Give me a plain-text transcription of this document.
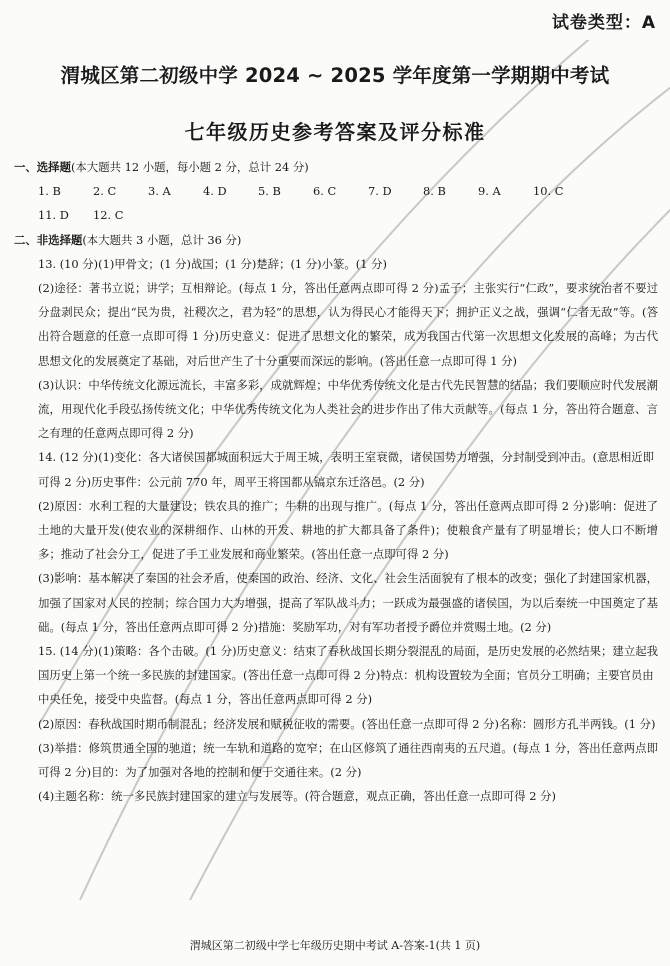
试卷类型：A
渭城区第二初级中学 2024 ~ 2025 学年度第一学期期中考试
七年级历史参考答案及评分标准
一、选择题(本大题共 12 小题，每小题 2 分，总计 24 分)
1. B	2. C	3. A	4. D	5. B	6. C	7. D	8. B	9. A	10. C
11. D 12. C
二、非选择题(本大题共 3 小题，总计 36 分)
13. (10 分)(1)甲骨文；(1 分)战国；(1 分)楚辞；(1 分)小篆。(1 分)
(2)途径：著书立说；讲学；互相辩论。(每点 1 分，答出任意两点即可得 2 分)孟子；主张实行“仁政”，要求统治者不要过分盘剥民众；提出“民为贵，社稷次之，君为轻”的思想，认为得民心才能得天下；拥护正义之战，强调“仁者无敌”等。(答出符合题意的任意一点即可得 1 分)历史意义：促进了思想文化的繁荣，成为我国古代第一次思想文化发展的高峰；为古代思想文化的发展奠定了基础，对后世产生了十分重要而深远的影响。(答出任意一点即可得 1 分)
(3)认识：中华传统文化源远流长，丰富多彩，成就辉煌；中华优秀传统文化是古代先民智慧的结晶；我们要顺应时代发展潮流，用现代化手段弘扬传统文化；中华优秀传统文化为人类社会的进步作出了伟大贡献等。(每点 1 分，答出符合题意、言之有理的任意两点即可得 2 分)
14. (12 分)(1)变化：各大诸侯国都城面积远大于周王城，表明王室衰微，诸侯国势力增强，分封制受到冲击。(意思相近即可得 2 分)历史事件：公元前 770 年，周平王将国都从镐京东迁洛邑。(2 分)
(2)原因：水利工程的大量建设；铁农具的推广；牛耕的出现与推广。(每点 1 分，答出任意两点即可得 2 分)影响：促进了土地的大量开发(使农业的深耕细作、山林的开发、耕地的扩大都具备了条件)；使粮食产量有了明显增长；使人口不断增多；推动了社会分工，促进了手工业发展和商业繁荣。(答出任意一点即可得 2 分)
(3)影响：基本解决了秦国的社会矛盾，使秦国的政治、经济、文化、社会生活面貌有了根本的改变；强化了封建国家机器，加强了国家对人民的控制；综合国力大为增强，提高了军队战斗力；一跃成为最强盛的诸侯国，为以后秦统一中国奠定了基础。(每点 1 分，答出任意两点即可得 2 分)措施：奖励军功，对有军功者授予爵位并赏赐土地。(2 分)
15. (14 分)(1)策略：各个击破。(1 分)历史意义：结束了春秋战国长期分裂混乱的局面，是历史发展的必然结果；建立起我国历史上第一个统一多民族的封建国家。(答出任意一点即可得 2 分)特点：机构设置较为全面；官员分工明确；主要官员由中央任免，接受中央监督。(每点 1 分，答出任意两点即可得 2 分)
(2)原因：春秋战国时期币制混乱；经济发展和赋税征收的需要。(答出任意一点即可得 2 分)名称：圆形方孔半两钱。(1 分)
(3)举措：修筑贯通全国的驰道；统一车轨和道路的宽窄；在山区修筑了通往西南夷的五尺道。(每点 1 分，答出任意两点即可得 2 分)目的：为了加强对各地的控制和便于交通往来。(2 分)
(4)主题名称：统一多民族封建国家的建立与发展等。(符合题意，观点正确，答出任意一点即可得 2 分)
渭城区第二初级中学七年级历史期中考试 A-答案-1(共 1 页)
